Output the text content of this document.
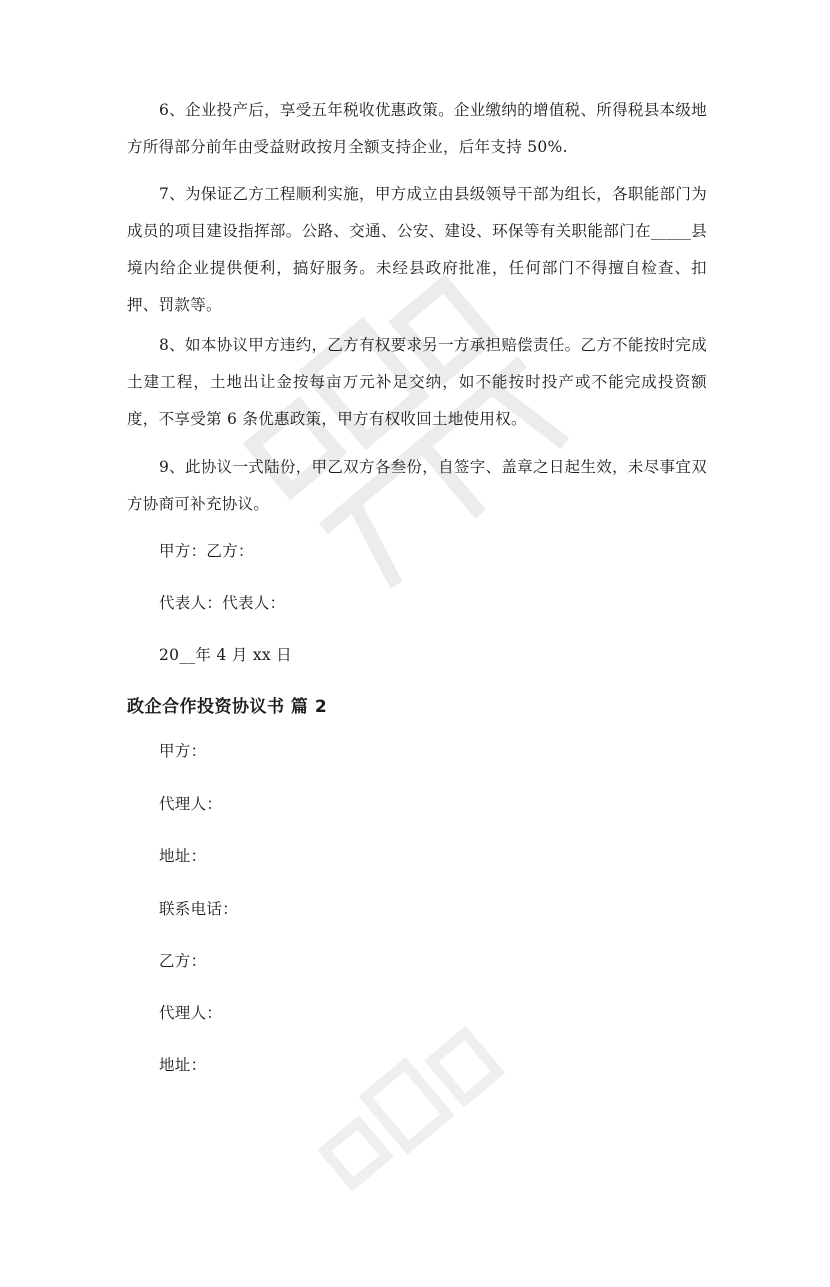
6、企业投产后，享受五年税收优惠政策。企业缴纳的增值税、所得税县本级地方所得部分前年由受益财政按月全额支持企业，后年支持 50%.

7、为保证乙方工程顺利实施，甲方成立由县级领导干部为组长，各职能部门为成员的项目建设指挥部。公路、交通、公安、建设、环保等有关职能部门在_____县境内给企业提供便利，搞好服务。未经县政府批准，任何部门不得擅自检查、扣押、罚款等。

8、如本协议甲方违约，乙方有权要求另一方承担赔偿责任。乙方不能按时完成土建工程，土地出让金按每亩万元补足交纳，如不能按时投产或不能完成投资额度，不享受第 6 条优惠政策，甲方有权收回土地使用权。

9、此协议一式陆份，甲乙双方各叁份，自签字、盖章之日起生效，未尽事宜双方协商可补充协议。

甲方：乙方：

代表人：代表人：

20__年 4 月 xx 日

政企合作投资协议书 篇 2

甲方：

代理人：

地址：

联系电话：

乙方：

代理人：

地址：
